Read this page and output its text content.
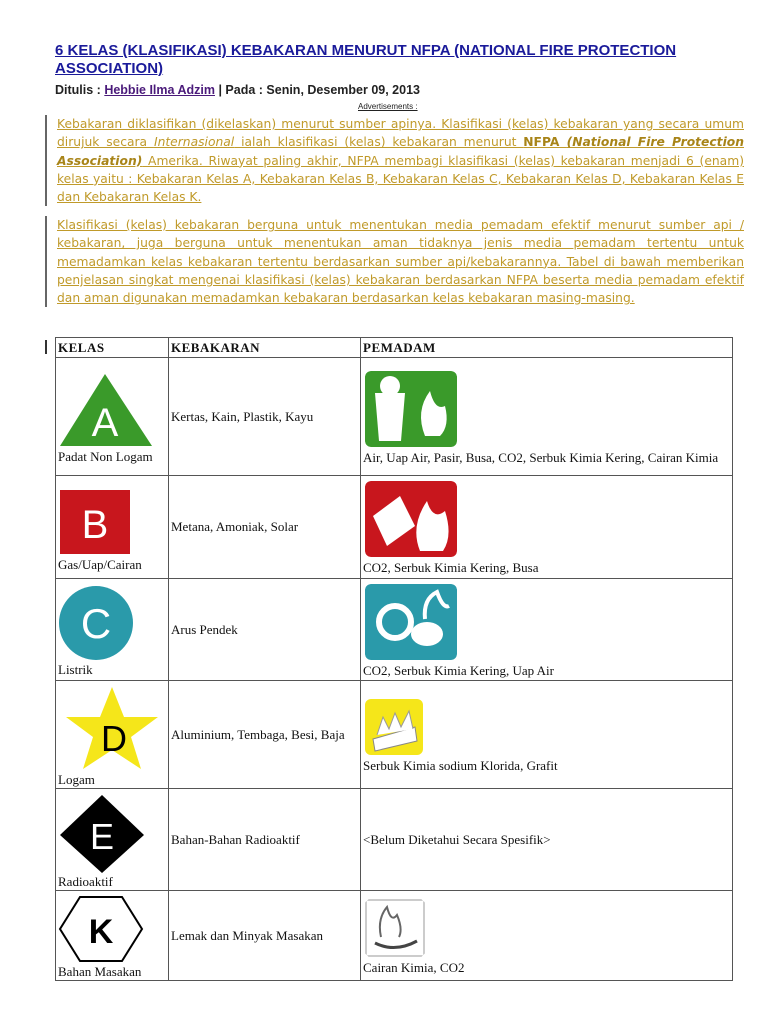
6 KELAS (KLASIFIKASI) KEBAKARAN MENURUT NFPA (NATIONAL FIRE PROTECTION ASSOCIATION)
Ditulis : Hebbie Ilma Adzim | Pada : Senin, Desember 09, 2013
Advertisements :
Kebakaran diklasifikan (dikelaskan) menurut sumber apinya. Klasifikasi (kelas) kebakaran yang secara umum dirujuk secara Internasional ialah klasifikasi (kelas) kebakaran menurut NFPA (National Fire Protection Association) Amerika. Riwayat paling akhir, NFPA membagi klasifikasi (kelas) kebakaran menjadi 6 (enam) kelas yaitu : Kebakaran Kelas A, Kebakaran Kelas B, Kebakaran Kelas C, Kebakaran Kelas D, Kebakaran Kelas E dan Kebakaran Kelas K.
Klasifikasi (kelas) kebakaran berguna untuk menentukan media pemadam efektif menurut sumber api / kebakaran, juga berguna untuk menentukan aman tidaknya jenis media pemadam tertentu untuk memadamkan kelas kebakaran tertentu berdasarkan sumber api/kebakarannya. Tabel di bawah memberikan penjelasan singkat mengenai klasifikasi (kelas) kebakaran berdasarkan NFPA beserta media pemadam efektif dan aman digunakan memadamkan kebakaran berdasarkan kelas kebakaran masing-masing.
KELAS	KEBAKARAN	PEMADAM

A
Padat Non Logam	Kertas, Kain, Plastik, Kayu	Air, Uap Air, Pasir, Busa, CO2, Serbuk Kimia Kering, Cairan Kimia

B
Gas/Uap/Cairan	Metana, Amoniak, Solar	CO2, Serbuk Kimia Kering, Busa

C
Listrik	Arus Pendek	CO2, Serbuk Kimia Kering, Uap Air

D
Logam	Aluminium, Tembaga, Besi, Baja	Serbuk Kimia sodium Klorida, Grafit

E
Radioaktif	Bahan-Bahan Radioaktif	<Belum Diketahui Secara Spesifik>

K
Bahan Masakan	Lemak dan Minyak Masakan	Cairan Kimia, CO2
